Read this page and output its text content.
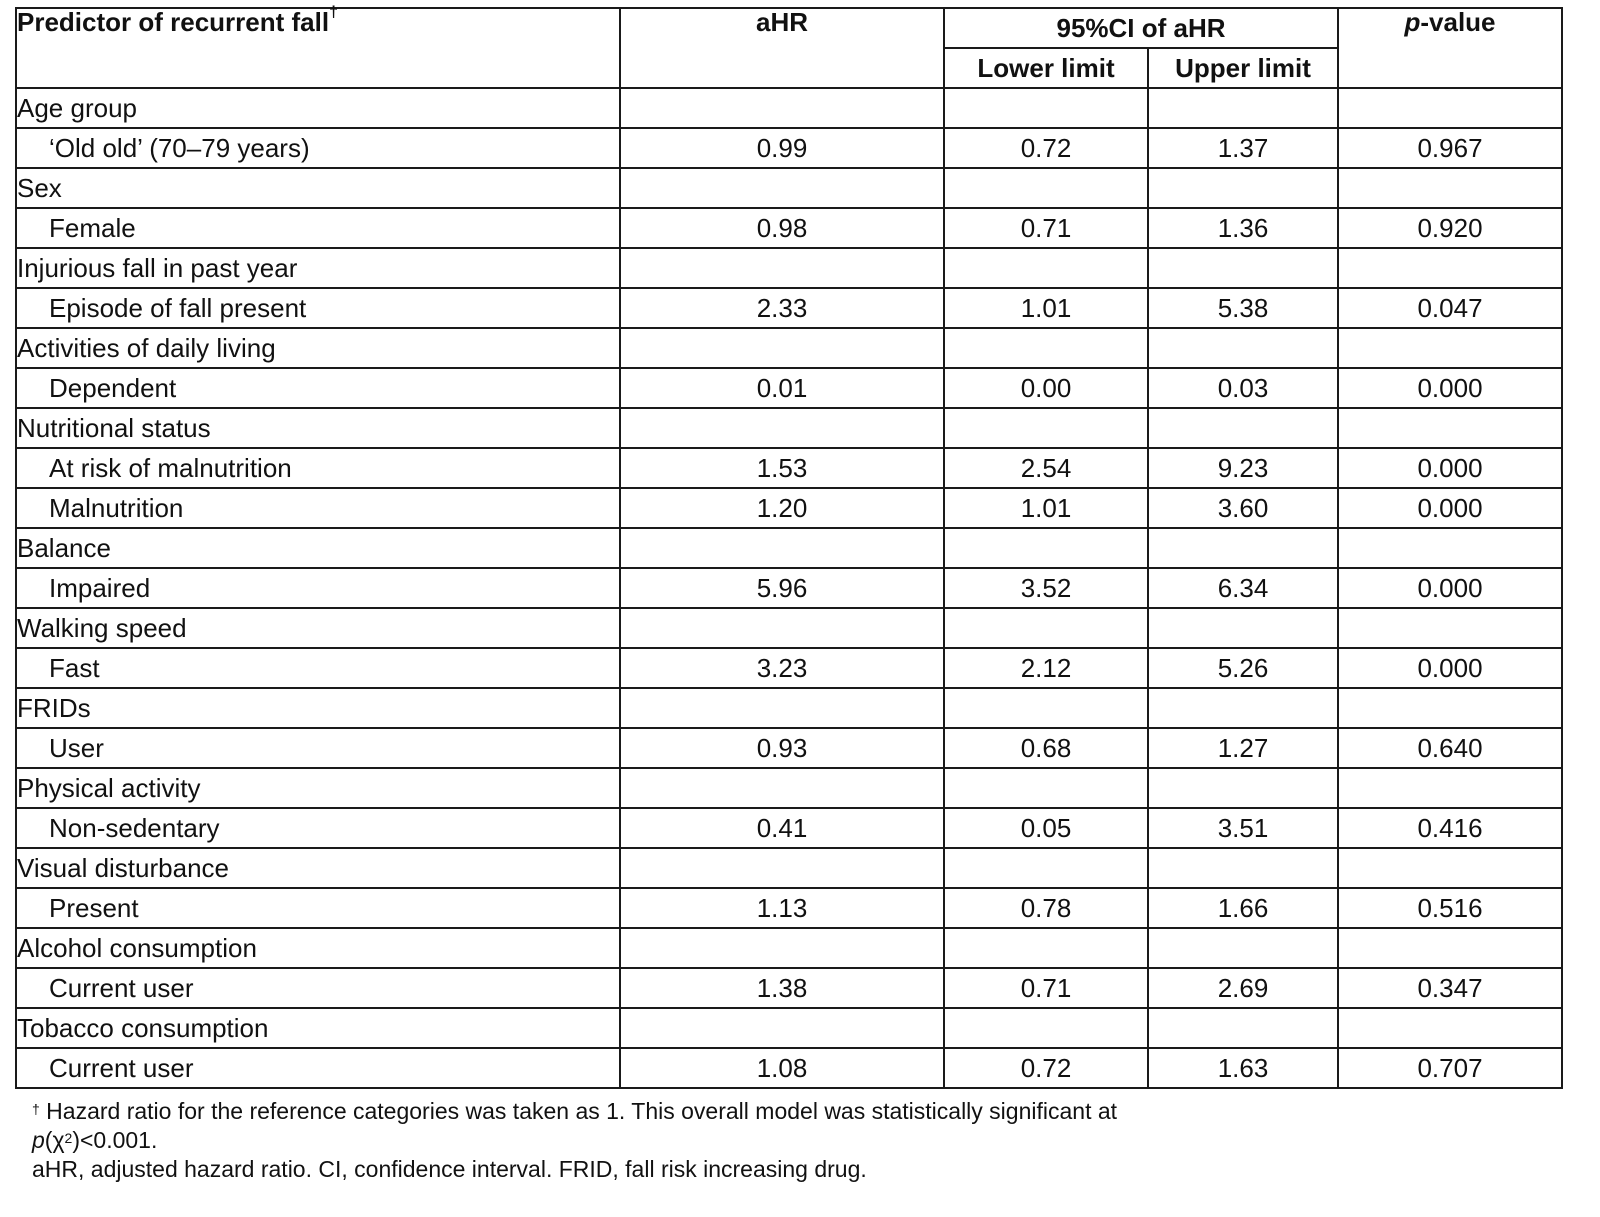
Predictor of recurrent fall†	aHR	95%CI of aHR		p-value
		Lower limit	Upper limit	
Age group				
‘Old old’ (70–79 years)	0.99	0.72	1.37	0.967
Sex				
Female	0.98	0.71	1.36	0.920
Injurious fall in past year				
Episode of fall present	2.33	1.01	5.38	0.047
Activities of daily living				
Dependent	0.01	0.00	0.03	0.000
Nutritional status				
At risk of malnutrition	1.53	2.54	9.23	0.000
Malnutrition	1.20	1.01	3.60	0.000
Balance				
Impaired	5.96	3.52	6.34	0.000
Walking speed				
Fast	3.23	2.12	5.26	0.000
FRIDs				
User	0.93	0.68	1.27	0.640
Physical activity				
Non-sedentary	0.41	0.05	3.51	0.416
Visual disturbance				
Present	1.13	0.78	1.66	0.516
Alcohol consumption				
Current user	1.38	0.71	2.69	0.347
Tobacco consumption				
Current user	1.08	0.72	1.63	0.707

† Hazard ratio for the reference categories was taken as 1. This overall model was statistically significant at

$p(\chi^2)<0.001$.

aHR, adjusted hazard ratio. CI, confidence interval. FRID, fall risk increasing drug.
